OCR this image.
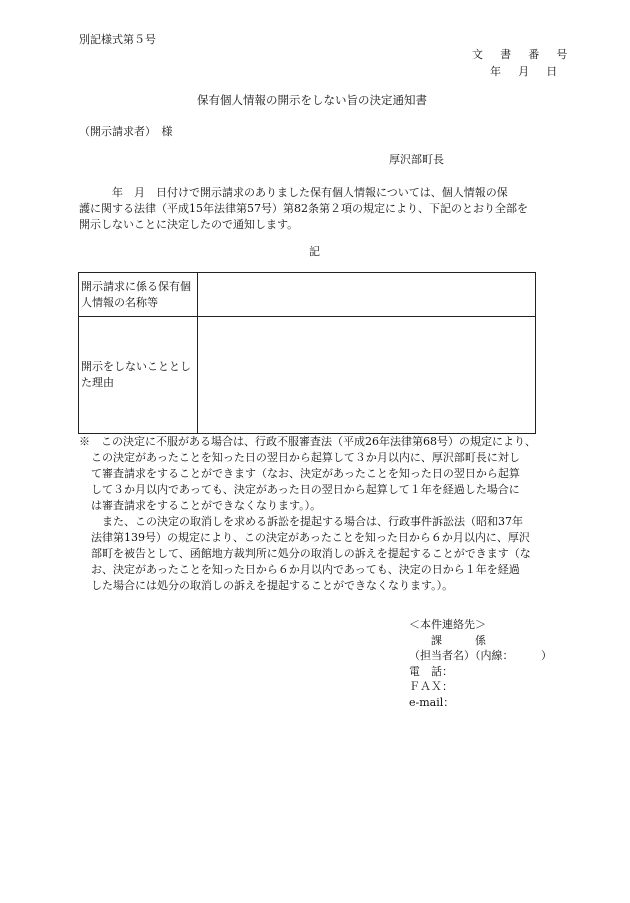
別記様式第５号
文 書 番 号
年 月 日
保有個人情報の開示をしない旨の決定通知書
（開示請求者）　様
厚沢部町長
　　　年　月　日付けで開示請求のありました保有個人情報については、個人情報の保
護に関する法律（平成15年法律第57号）第82条第２項の規定により、下記のとおり全部を
開示しないことに決定したので通知します。
記
開示請求に係る保有個
人情報の名称等	

開示をしないこととし
た理由	

※　この決定に不服がある場合は、行政不服審査法（平成26年法律第68号）の規定により、
この決定があったことを知った日の翌日から起算して３か月以内に、厚沢部町長に対し
て審査請求をすることができます（なお、決定があったことを知った日の翌日から起算
して３か月以内であっても、決定があった日の翌日から起算して１年を経過した場合に
は審査請求をすることができなくなります。）。
　また、この決定の取消しを求める訴訟を提起する場合は、行政事件訴訟法（昭和37年
法律第139号）の規定により、この決定があったことを知った日から６か月以内に、厚沢
部町を被告として、函館地方裁判所に処分の取消しの訴えを提起することができます（な
お、決定があったことを知った日から６か月以内であっても、決定の日から１年を経過
した場合には処分の取消しの訴えを提起することができなくなります。）。
＜本件連絡先＞
　　課　　　係
（担当者名）（内線：　　　）
電　話：
ＦＡＸ：
e-mail：
